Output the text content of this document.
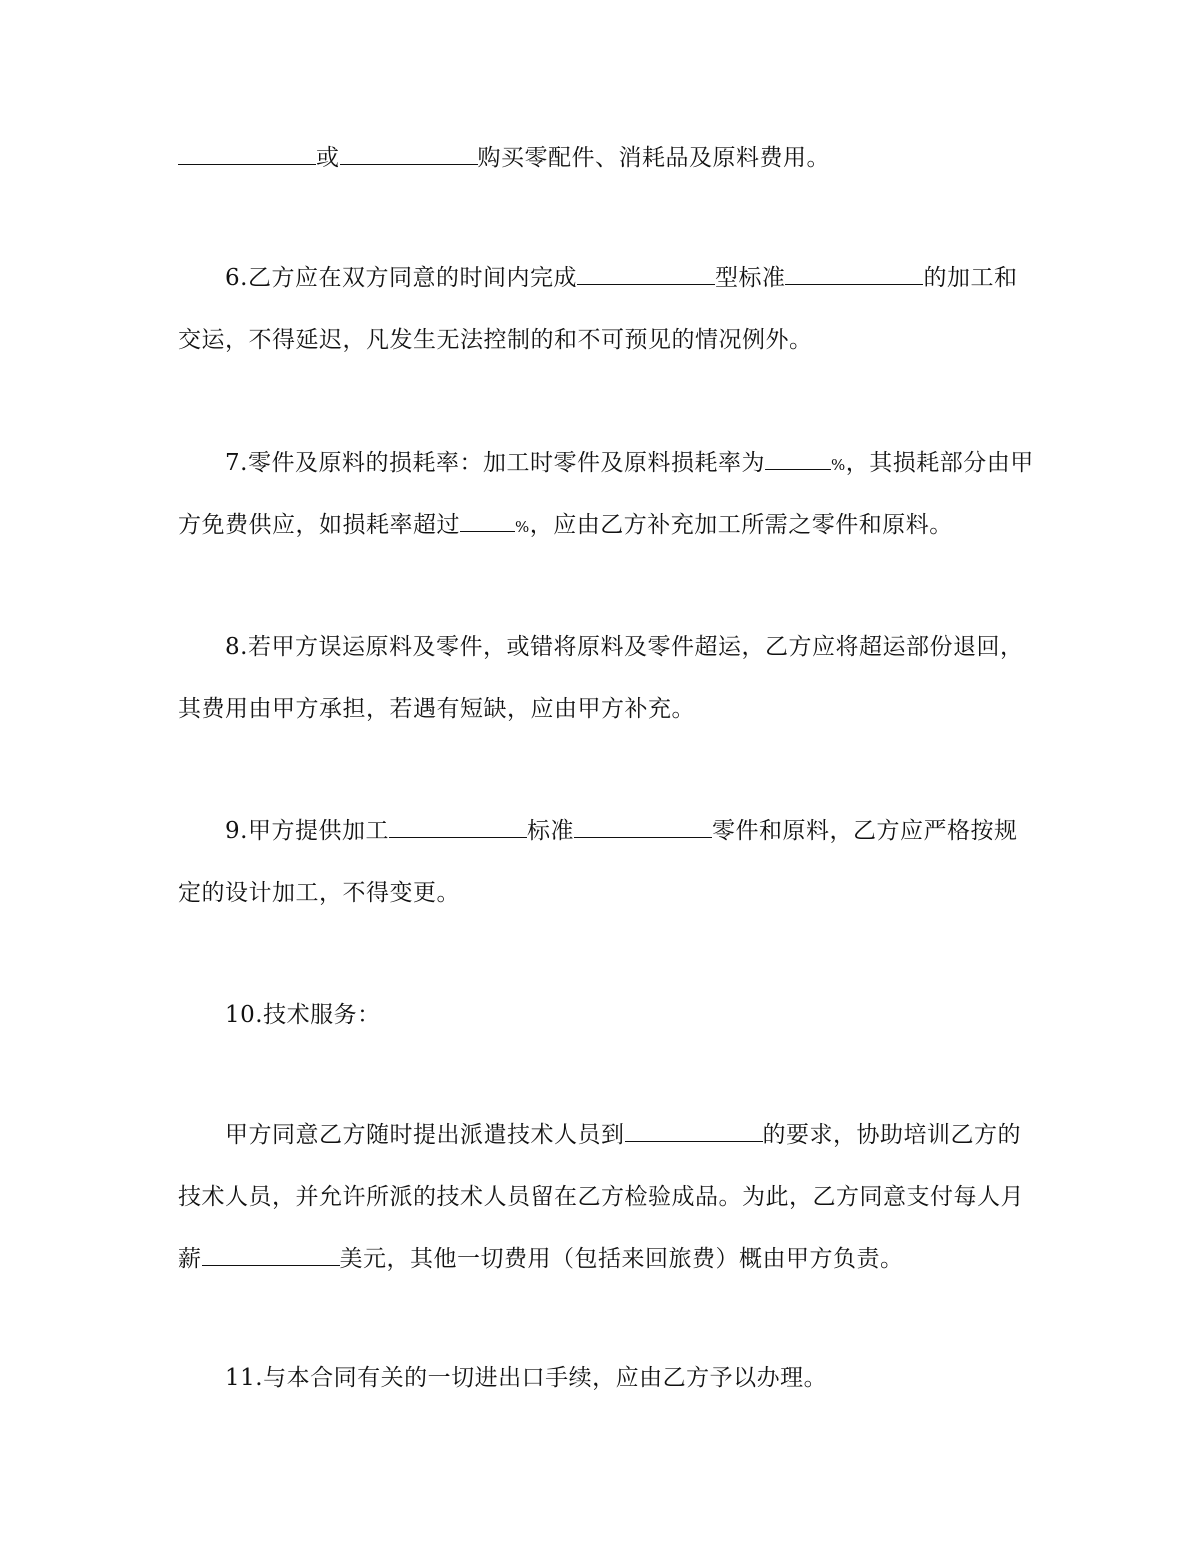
或	购买零配件、消耗品及原料费用。
6.乙方应在双方同意的时间内完成	型标准	的加工和
交运，不得延迟，凡发生无法控制的和不可预见的情况例外。
7.零件及原料的损耗率：加工时零件及原料损耗率为	%，其损耗部分由甲
方免费供应，如损耗率超过	%，应由乙方补充加工所需之零件和原料。
8.若甲方误运原料及零件，或错将原料及零件超运，乙方应将超运部份退回，
其费用由甲方承担，若遇有短缺，应由甲方补充。
9.甲方提供加工	标准	零件和原料，乙方应严格按规
定的设计加工，不得变更。
10.技术服务：
甲方同意乙方随时提出派遣技术人员到	的要求，协助培训乙方的
技术人员，并允许所派的技术人员留在乙方检验成品。为此，乙方同意支付每人月
薪	美元，其他一切费用（包括来回旅费）概由甲方负责。
11.与本合同有关的一切进出口手续，应由乙方予以办理。
